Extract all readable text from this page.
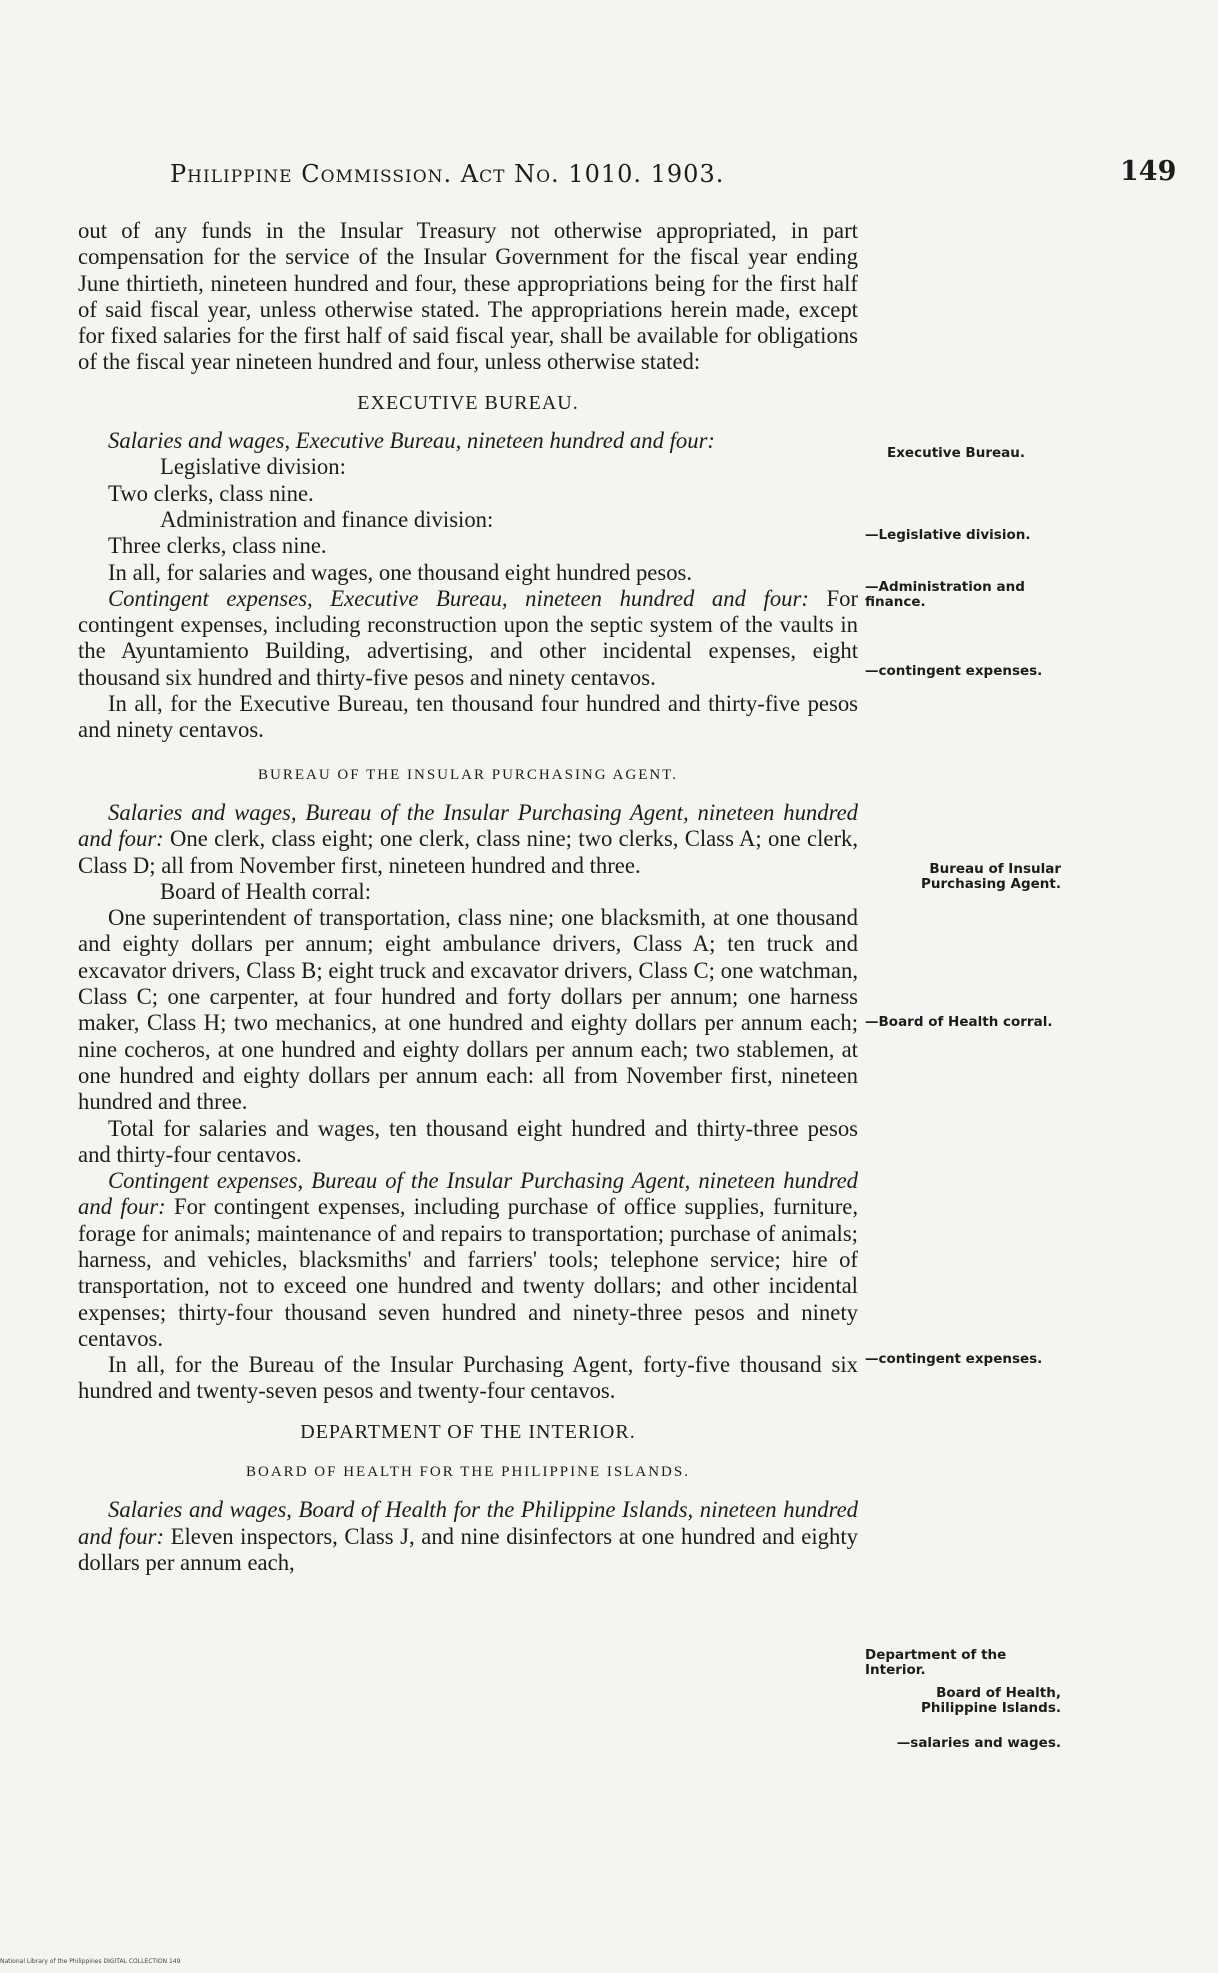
Philippine Commission. Act No. 1010. 1903.	149

out of any funds in the Insular Treasury not otherwise appropriated, in part compensation for the service of the Insular Government for the fiscal year ending June thirtieth, nineteen hundred and four, these appropriations being for the first half of said fiscal year, unless otherwise stated. The appropriations herein made, except for fixed salaries for the first half of said fiscal year, shall be available for obligations of the fiscal year nineteen hundred and four, unless otherwise stated:

EXECUTIVE BUREAU.

Salaries and wages, Executive Bureau, nineteen hundred and four:

Legislative division:

Two clerks, class nine.

Administration and finance division:

Three clerks, class nine.

In all, for salaries and wages, one thousand eight hundred pesos.

Contingent expenses, Executive Bureau, nineteen hundred and four: For contingent expenses, including reconstruction upon the septic system of the vaults in the Ayuntamiento Building, advertising, and other incidental expenses, eight thousand six hundred and thirty-five pesos and ninety centavos.

In all, for the Executive Bureau, ten thousand four hundred and thirty-five pesos and ninety centavos.

BUREAU OF THE INSULAR PURCHASING AGENT.

Salaries and wages, Bureau of the Insular Purchasing Agent, nineteen hundred and four: One clerk, class eight; one clerk, class nine; two clerks, Class A; one clerk, Class D; all from November first, nineteen hundred and three.

Board of Health corral:

One superintendent of transportation, class nine; one blacksmith, at one thousand and eighty dollars per annum; eight ambulance drivers, Class A; ten truck and excavator drivers, Class B; eight truck and excavator drivers, Class C; one watchman, Class C; one carpenter, at four hundred and forty dollars per annum; one harness maker, Class H; two mechanics, at one hundred and eighty dollars per annum each; nine cocheros, at one hundred and eighty dollars per annum each; two stablemen, at one hundred and eighty dollars per annum each: all from November first, nineteen hundred and three.

Total for salaries and wages, ten thousand eight hundred and thirty-three pesos and thirty-four centavos.

Contingent expenses, Bureau of the Insular Purchasing Agent, nineteen hundred and four: For contingent expenses, including purchase of office supplies, furniture, forage for animals; maintenance of and repairs to transportation; purchase of animals; harness, and vehicles, blacksmiths' and farriers' tools; telephone service; hire of transportation, not to exceed one hundred and twenty dollars; and other incidental expenses; thirty-four thousand seven hundred and ninety-three pesos and ninety centavos.

In all, for the Bureau of the Insular Purchasing Agent, forty-five thousand six hundred and twenty-seven pesos and twenty-four centavos.

DEPARTMENT OF THE INTERIOR.

BOARD OF HEALTH FOR THE PHILIPPINE ISLANDS.

Salaries and wages, Board of Health for the Philippine Islands, nineteen hundred and four: Eleven inspectors, Class J, and nine disinfectors at one hundred and eighty dollars per annum each,

Executive Bureau.
—Legislative division.
—Administration and finance.
—contingent expenses.
Bureau of Insular Purchasing Agent.
—Board of Health corral.
—contingent expenses.
Department of the Interior.
Board of Health, Philippine Islands.
—salaries and wages.
National Library of the Philippines DIGITAL COLLECTION 149
